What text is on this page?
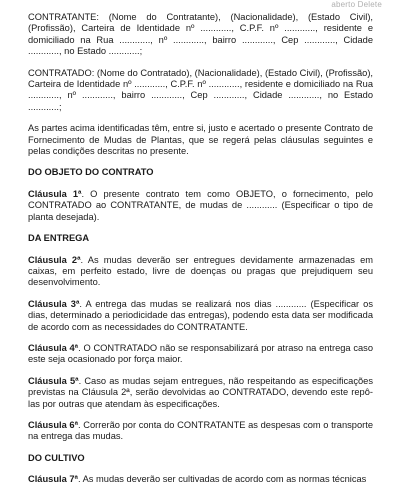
aberto Delete

CONTRATANTE: (Nome do Contratante), (Nacionalidade), (Estado Civil), (Profissão), Carteira de Identidade nº ............, C.P.F. nº ............, residente e domiciliado na Rua ............, nº ............, bairro ............, Cep ............, Cidade ............, no Estado ............;

CONTRATADO: (Nome do Contratado), (Nacionalidade), (Estado Civil), (Profissão), Carteira de Identidade nº ............, C.P.F. nº ............, residente e domiciliado na Rua ............, nº ............, bairro ............, Cep ............, Cidade ............, no Estado ............;

As partes acima identificadas têm, entre si, justo e acertado o presente Contrato de Fornecimento de Mudas de Plantas, que se regerá pelas cláusulas seguintes e pelas condições descritas no presente.

DO OBJETO DO CONTRATO

Cláusula 1ª. O presente contrato tem como OBJETO, o fornecimento, pelo CONTRATADO ao CONTRATANTE, de mudas de ............ (Especificar o tipo de planta desejada).

DA ENTREGA

Cláusula 2ª. As mudas deverão ser entregues devidamente armazenadas em caixas, em perfeito estado, livre de doenças ou pragas que prejudiquem seu desenvolvimento.

Cláusula 3ª. A entrega das mudas se realizará nos dias ............ (Especificar os dias, determinado a periodicidade das entregas), podendo esta data ser modificada de acordo com as necessidades do CONTRATANTE.

Cláusula 4ª. O CONTRATADO não se responsabilizará por atraso na entrega caso este seja ocasionado por força maior.

Cláusula 5ª. Caso as mudas sejam entregues, não respeitando as especificações previstas na Cláusula 2ª, serão devolvidas ao CONTRATADO, devendo este repô-las por outras que atendam às especificações.

Cláusula 6ª. Correrão por conta do CONTRATANTE as despesas com o transporte na entrega das mudas.

DO CULTIVO

Cláusula 7ª. As mudas deverão ser cultivadas de acordo com as normas técnicas
